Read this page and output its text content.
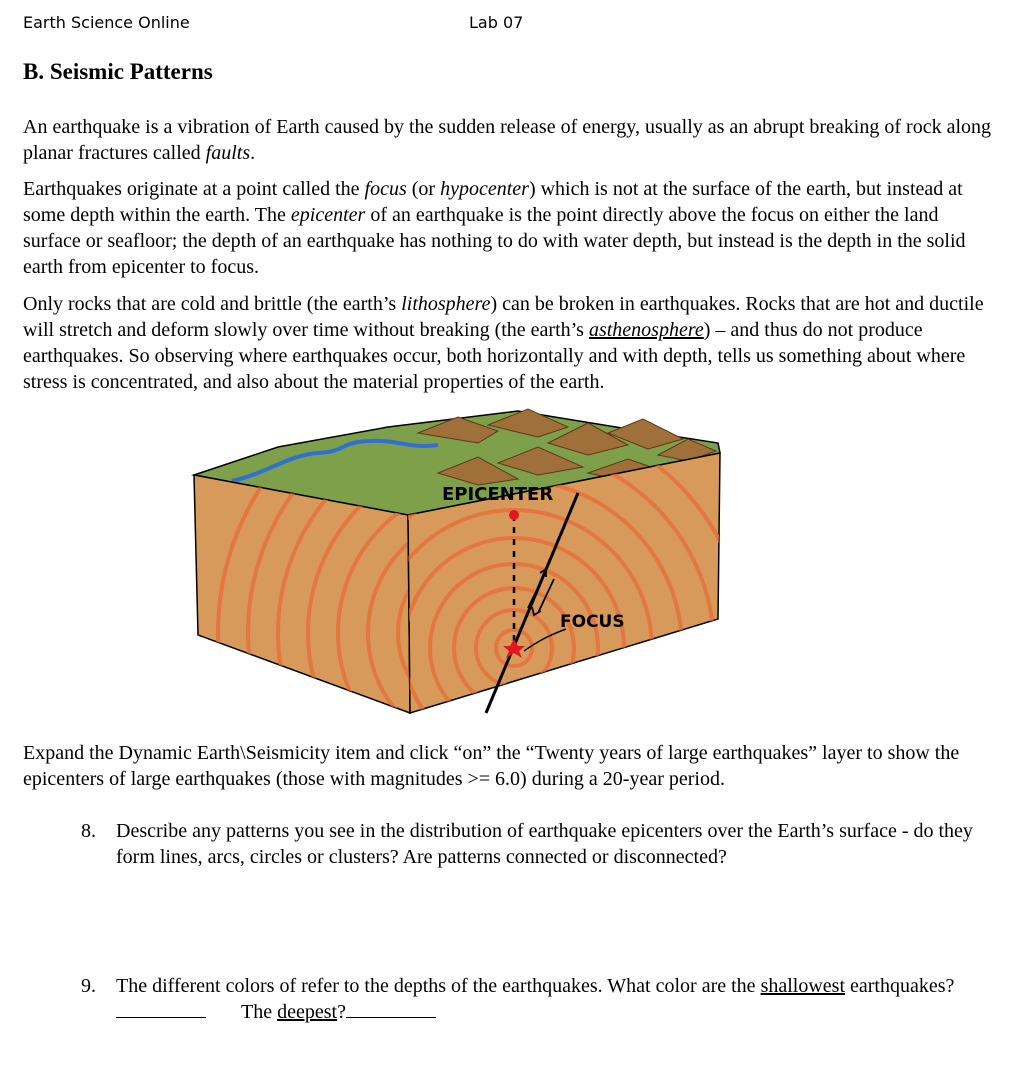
Earth Science Online	Lab 07
B. Seismic Patterns

An earthquake is a vibration of Earth caused by the sudden release of energy, usually as an abrupt breaking of rock along planar fractures called faults.

Earthquakes originate at a point called the focus (or hypocenter) which is not at the surface of the earth, but instead at some depth within the earth. The epicenter of an earthquake is the point directly above the focus on either the land surface or seafloor; the depth of an earthquake has nothing to do with water depth, but instead is the depth in the solid earth from epicenter to focus.

Only rocks that are cold and brittle (the earth’s lithosphere) can be broken in earthquakes. Rocks that are hot and ductile will stretch and deform slowly over time without breaking (the earth’s asthenosphere) – and thus do not produce earthquakes. So observing where earthquakes occur, both horizontally and with depth, tells us something about where stress is concentrated, and also about the material properties of the earth.

EPICENTER
FOCUS

Expand the Dynamic Earth\Seismicity item and click “on” the “Twenty years of large earthquakes” layer to show the epicenters of large earthquakes (those with magnitudes >= 6.0) during a 20-year period.

8. Describe any patterns you see in the distribution of earthquake epicenters over the Earth’s surface - do they form lines, arcs, circles or clusters? Are patterns connected or disconnected?
9. The different colors of refer to the depths of the earthquakes. What color are the shallowest earthquakes?        The deepest?
